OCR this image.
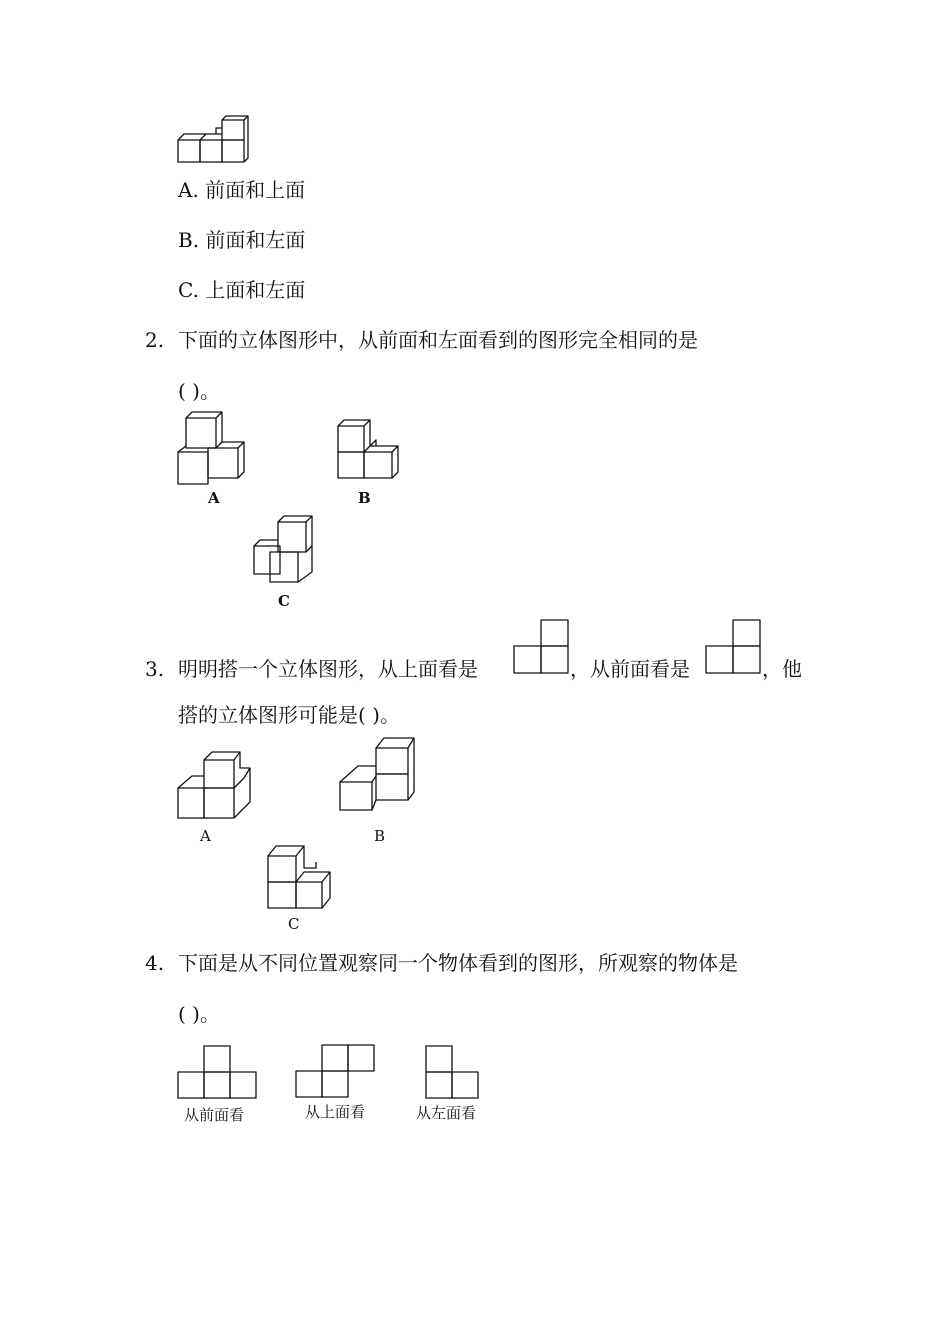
A. 前面和上面
B. 前面和左面
C. 上面和左面
2. 下面的立体图形中，从前面和左面看到的图形完全相同的是
( )。
A	B
C
3. 明明搭一个立体图形，从上面看是	，从前面看是	，他
搭的立体图形可能是( )。
A	B
C
4. 下面是从不同位置观察同一个物体看到的图形，所观察的物体是
( )。
从前面看	从上面看	从左面看
